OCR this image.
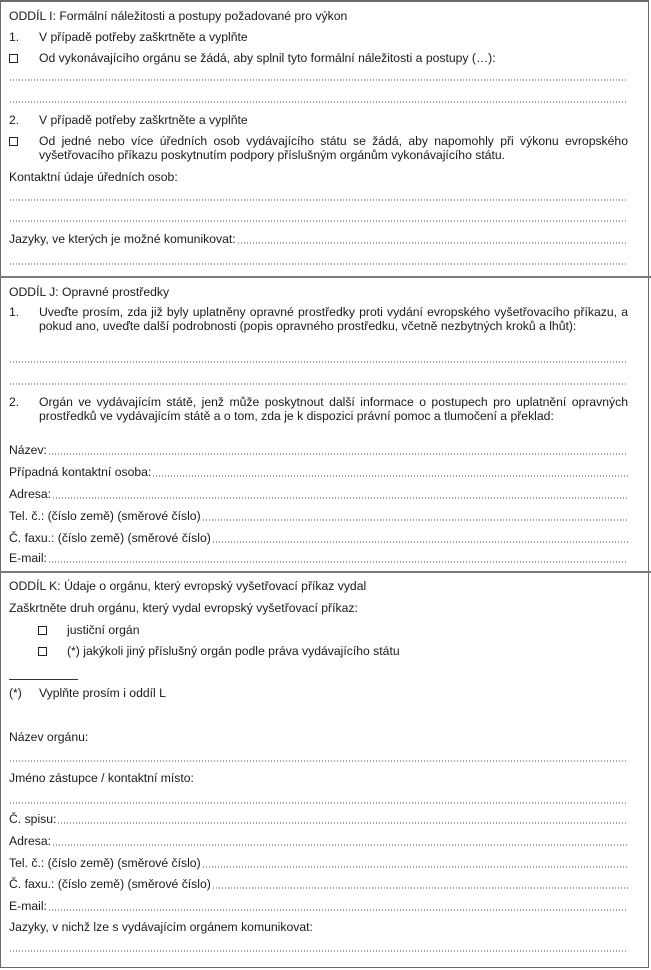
ODDÍL I: Formální náležitosti a postupy požadované pro výkon
1. V případě potřeby zaškrtněte a vyplňte
Od vykonávajícího orgánu se žádá, aby splnil tyto formální náležitosti a postupy (…):
2. V případě potřeby zaškrtněte a vyplňte
Od jedné nebo více úředních osob vydávajícího státu se žádá, aby napomohly při výkonu evropského vyšetřovacího příkazu poskytnutím podpory příslušným orgánům vykonávajícího státu.
Kontaktní údaje úředních osob:
Jazyky, ve kterých je možné komunikovat:
ODDÍL J: Opravné prostředky
1. Uveďte prosím, zda již byly uplatněny opravné prostředky proti vydání evropského vyšetřovacího příkazu, a pokud ano, uveďte další podrobnosti (popis opravného prostředku, včetně nezbytných kroků a lhůt):
2. Orgán ve vydávajícím státě, jenž může poskytnout další informace o postupech pro uplatnění opravných prostředků ve vydávajícím státě a o tom, zda je k dispozici právní pomoc a tlumočení a překlad:
Název:
Případná kontaktní osoba:
Adresa:
Tel. č.: (číslo země) (směrové číslo)
Č. faxu.: (číslo země) (směrové číslo)
E-mail:
ODDÍL K: Údaje o orgánu, který evropský vyšetřovací příkaz vydal
Zaškrtněte druh orgánu, který vydal evropský vyšetřovací příkaz:
justiční orgán
(*) jakýkoli jiný příslušný orgán podle práva vydávajícího státu
(*) Vyplňte prosím i oddíl L
Název orgánu:
Jméno zástupce / kontaktní místo:
Č. spisu:
Adresa:
Tel. č.: (číslo země) (směrové číslo)
Č. faxu.: (číslo země) (směrové číslo)
E-mail:
Jazyky, v nichž lze s vydávajícím orgánem komunikovat:
